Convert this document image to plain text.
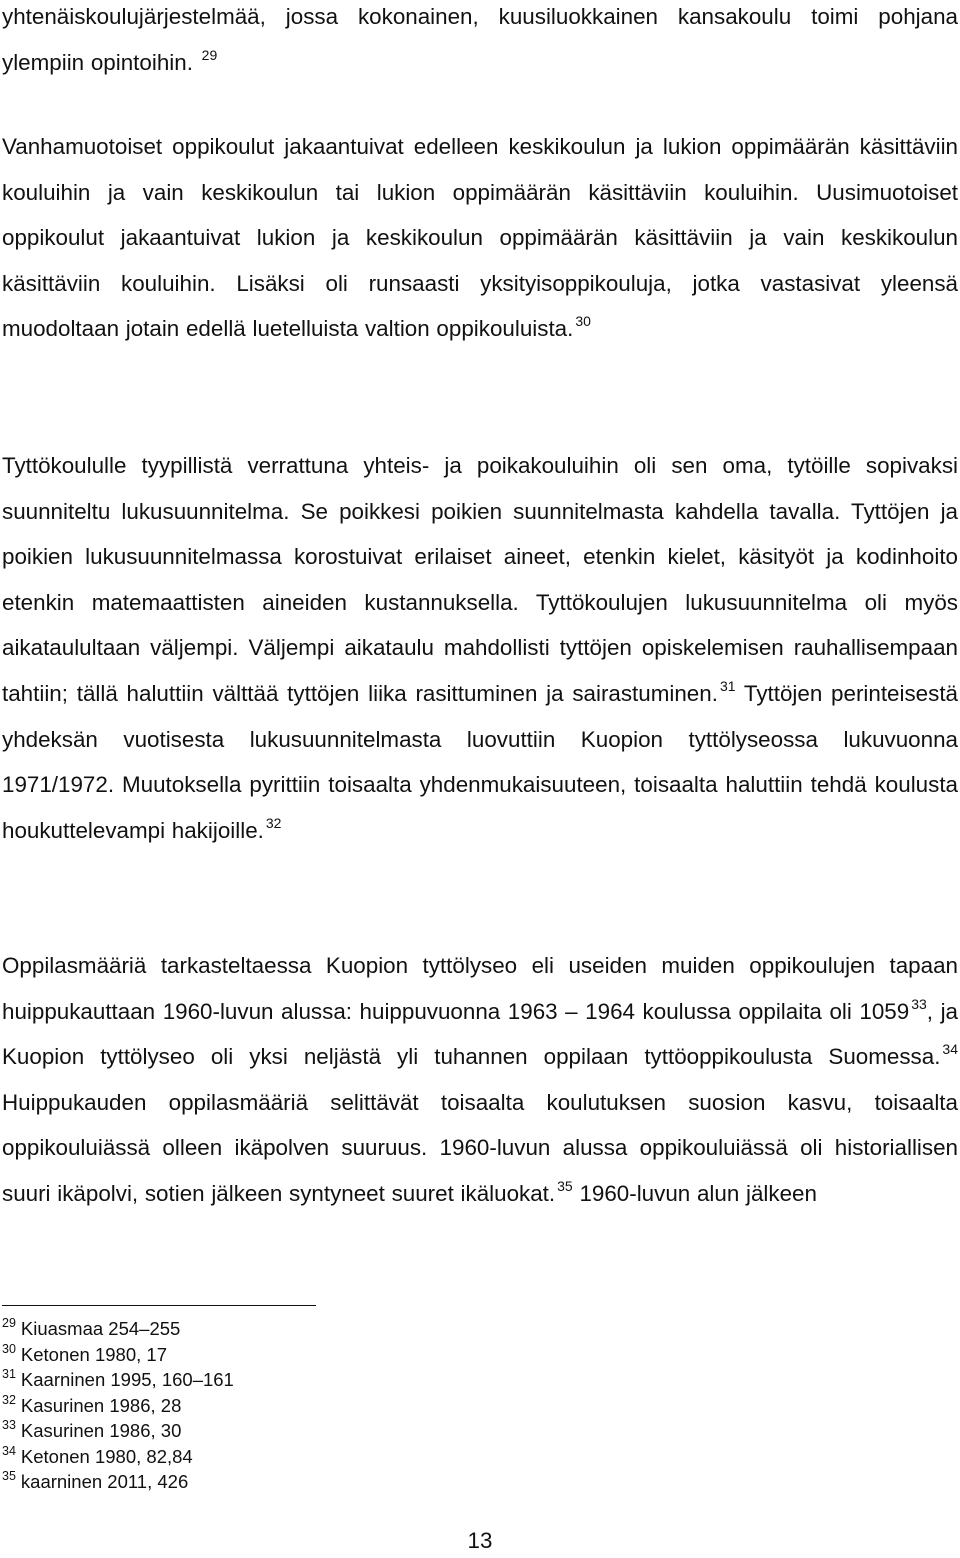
yhtenäiskoulujärjestelmää, jossa kokonainen, kuusiluokkainen kansakoulu toimi pohjana ylempiin opintoihin. $^{29}$

Vanhamuotoiset oppikoulut jakaantuivat edelleen keskikoulun ja lukion oppimäärän käsittäviin kouluihin ja vain keskikoulun tai lukion oppimäärän käsittäviin kouluihin. Uusimuotoiset oppikoulut jakaantuivat lukion ja keskikoulun oppimäärän käsittäviin ja vain keskikoulun käsittäviin kouluihin. Lisäksi oli runsaasti yksityisoppikouluja, jotka vastasivat yleensä muodoltaan jotain edellä luetelluista valtion oppikouluista. $^{30}$

Tyttökoululle tyypillistä verrattuna yhteis- ja poikakouluihin oli sen oma, tytöille sopivaksi suunniteltu lukusuunnitelma. Se poikkesi poikien suunnitelmasta kahdella tavalla. Tyttöjen ja poikien lukusuunnitelmassa korostuivat erilaiset aineet, etenkin kielet, käsityöt ja kodinhoito etenkin matemaattisten aineiden kustannuksella. Tyttökoulujen lukusuunnitelma oli myös aikataulultaan väljempi. Väljempi aikataulu mahdollisti tyttöjen opiskelemisen rauhallisempaan tahtiin; tällä haluttiin välttää tyttöjen liika rasittuminen ja sairastuminen. $^{31}$ Tyttöjen perinteisestä yhdeksän vuotisesta lukusuunnitelmasta luovuttiin Kuopion tyttölyseossa lukuvuonna 1971/1972. Muutoksella pyrittiin toisaalta yhdenmukaisuuteen, toisaalta haluttiin tehdä koulusta houkuttelevampi hakijoille. $^{32}$

Oppilasmääriä tarkasteltaessa Kuopion tyttölyseo eli useiden muiden oppikoulujen tapaan huippukauttaan 1960-luvun alussa: huippuvuonna 1963 – 1964 koulussa oppilaita oli 1059 $^{33}$, ja Kuopion tyttölyseo oli yksi neljästä yli tuhannen oppilaan tyttöoppikoulusta Suomessa. $^{34}$ Huippukauden oppilasmääriä selittävät toisaalta koulutuksen suosion kasvu, toisaalta oppikouluiässä olleen ikäpolven suuruus. 1960-luvun alussa oppikouluiässä oli historiallisen suuri ikäpolvi, sotien jälkeen syntyneet suuret ikäluokat. $^{35}$ 1960-luvun alun jälkeen

$^{29}$ Kiuasmaa 254–255
$^{30}$ Ketonen 1980, 17
$^{31}$ Kaarninen 1995, 160–161
$^{32}$ Kasurinen 1986, 28
$^{33}$ Kasurinen 1986, 30
$^{34}$ Ketonen 1980, 82,84
$^{35}$ kaarninen 2011, 426
13
